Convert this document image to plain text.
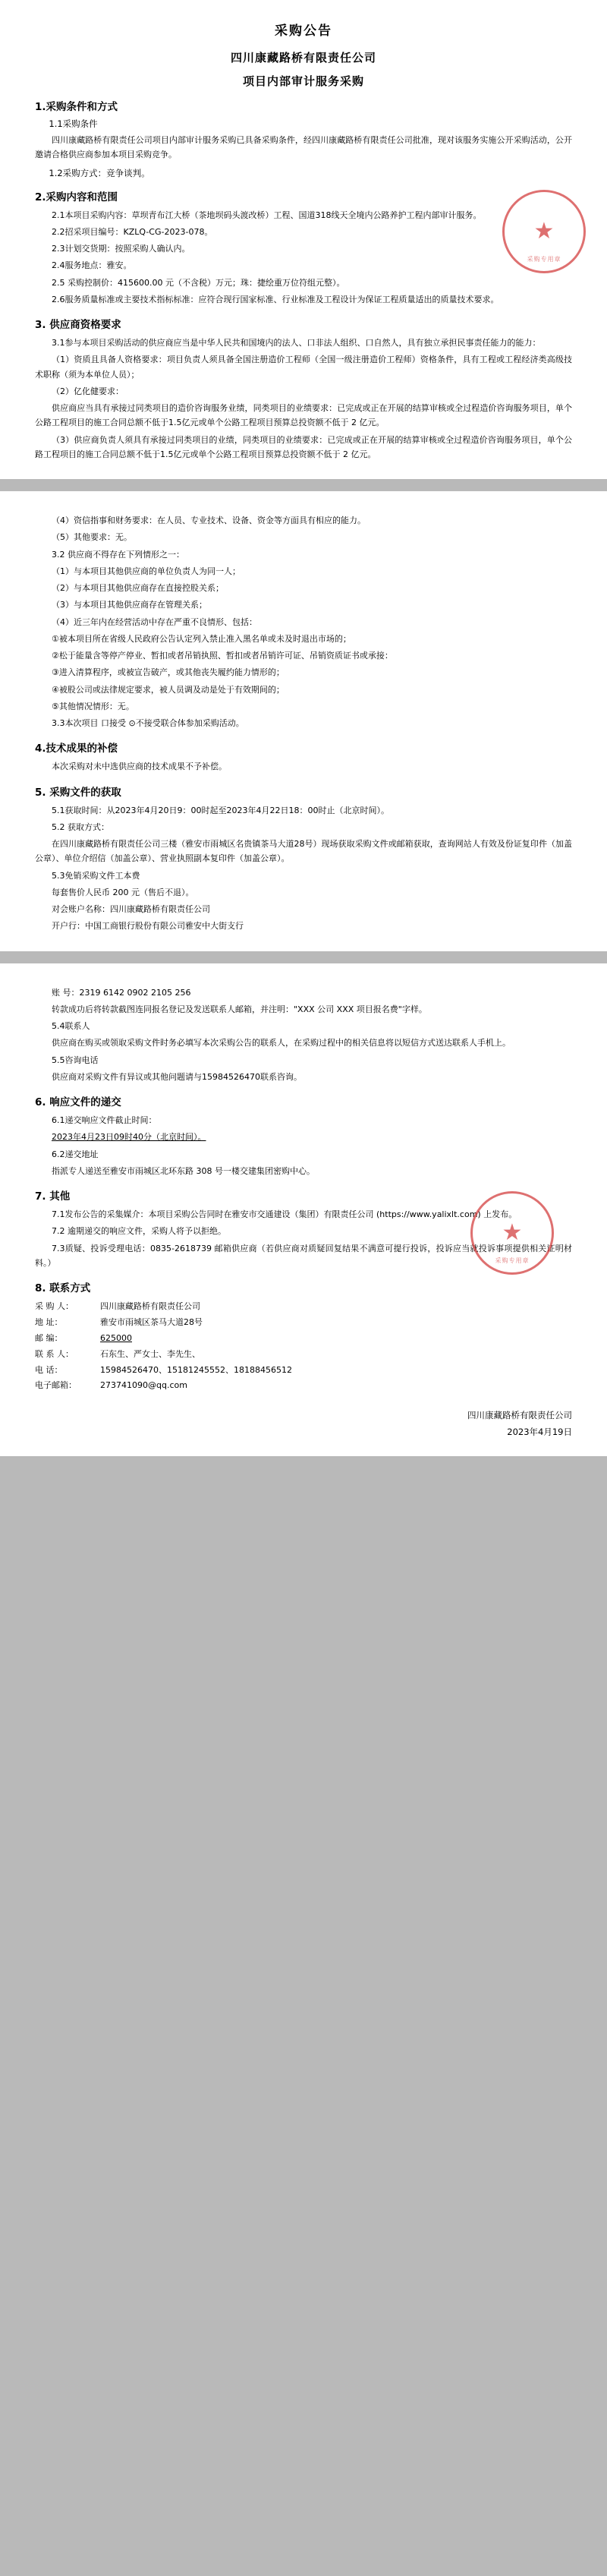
采购公告
四川康藏路桥有限责任公司
项目内部审计服务采购
1.采购条件和方式
1.1采购条件

四川康藏路桥有限责任公司项目内部审计服务采购已具备采购条件，经四川康藏路桥有限责任公司批准，现对该服务实施公开采购活动，公开邀请合格供应商参加本项目采购竞争。

1.2采购方式：竞争谈判。
2.采购内容和范围

2.1本项目采购内容：草坝青布江大桥（茶地坝码头渡改桥）工程、国道318线天全境内公路养护工程内部审计服务。

2.2招采项目编号：KZLQ-CG-2023-078。

2.3计划交货期：按照采购人确认内。

2.4服务地点：雅安。

2.5 采购控制价：415600.00 元（不含税）万元；珠：捷绘重万位符组元整）。

2.6服务质量标准或主要技术指标标准：应符合现行国家标准、行业标准及工程设计为保证工程质量适出的质量技术要求。

3. 供应商资格要求

3.1参与本项目采购活动的供应商应当是中华人民共和国境内的法人、口非法人组织、口自然人，具有独立承担民事责任能力的能力：

（1）资质且具备人资格要求：项目负责人须具备全国注册造价工程师（全国一级注册造价工程师）资格条件，具有工程或工程经济类高级技术职称（须为本单位人员）；

（2）亿化健要求：

供应商应当具有承接过同类项目的造价咨询服务业绩，同类项目的业绩要求：已完成或正在开展的结算审核或全过程造价咨询服务项目，单个公路工程项目的施工合同总额不低于1.5亿元或单个公路工程项目预算总投资额不低于 2 亿元。

（3）供应商负责人须具有承接过同类项目的业绩，同类项目的业绩要求：已完成或正在开展的结算审核或全过程造价咨询服务项目，单个公路工程项目的施工合同总额不低于1.5亿元或单个公路工程项目预算总投资额不低于 2 亿元。

★
采购专用章

（4）资信指事和财务要求：在人员、专业技术、设备、资金等方面具有相应的能力。

（5）其他要求：无。

3.2 供应商不得存在下列情形之一：

（1）与本项目其他供应商的单位负责人为同一人；

（2）与本项目其他供应商存在直接控股关系；

（3）与本项目其他供应商存在管理关系；

（4）近三年内在经营活动中存在严重不良情形、包括：

①被本项目所在省级人民政府公告认定列入禁止准入黑名单或未及时退出市场的；

②松于能量含等停产停业、暂扣或者吊销执照、暂扣或者吊销许可证、吊销资质证书或承接：

③进入清算程序，或被宣告破产，或其他丧失履约能力情形的；

④被股公司或法律规定要求，被人员调及动是处于有效期间的；

⑤其他情况情形：无。

3.3本次项目 口接受 ⊙不接受联合体参加采购活动。

4.技术成果的补偿

本次采购对未中选供应商的技术成果不予补偿。

5. 采购文件的获取

5.1获取时间：从2023年4月20日9：00时起至2023年4月22日18：00时止（北京时间）。

5.2 获取方式：

在四川康藏路桥有限责任公司三楼（雅安市雨城区名贵镇茶马大道28号）现场获取采购文件或邮箱获取，查询网站人有效及份证复印件（加盖公章）、单位介绍信（加盖公章）、营业执照副本复印件（加盖公章）。

5.3免销采购文件工本费

每套售价人民币 200 元（售后不退）。

对会账户名称：四川康藏路桥有限责任公司

开户行：中国工商银行股份有限公司雅安中大街支行

账 号：2319 6142 0902 2105 256

转款成功后将转款截图连同报名登记及发送联系人邮箱，并注明："XXX 公司 XXX 项目报名费"字样。

5.4联系人

供应商在购买或领取采购文件时务必填写本次采购公告的联系人，在采购过程中的相关信息将以短信方式送达联系人手机上。

5.5咨询电话

供应商对采购文件有异议或其他问题请与15984526470联系咨询。

6. 响应文件的递交

6.1递交响应文件截止时间：

2023年4月23日09时40分（北京时间）。

6.2递交地址

指派专人递送至雅安市雨城区北环东路 308 号一楼交建集团密购中心。

7. 其他

7.1发布公告的采集媒介：本项目采购公告同时在雅安市交通建设（集团）有限责任公司 (https://www.yalixlt.com) 上发布。

7.2 逾期递交的响应文件，采购人将予以拒绝。

7.3质疑、投诉受理电话：0835-2618739 邮箱供应商（若供应商对质疑回复结果不满意可提行投诉，投诉应当就投诉事项提供相关证明材料。）

8. 联系方式
采 购 人：	四川康藏路桥有限责任公司
地 址：	雅安市雨城区茶马大道28号
邮 编：	625000
联 系 人：	石东生、严女士、李先生、
电 话：	15984526470、15181245552、18188456512
电子邮箱：	273741090@qq.com
四川康藏路桥有限责任公司
2023年4月19日
★
采购专用章
